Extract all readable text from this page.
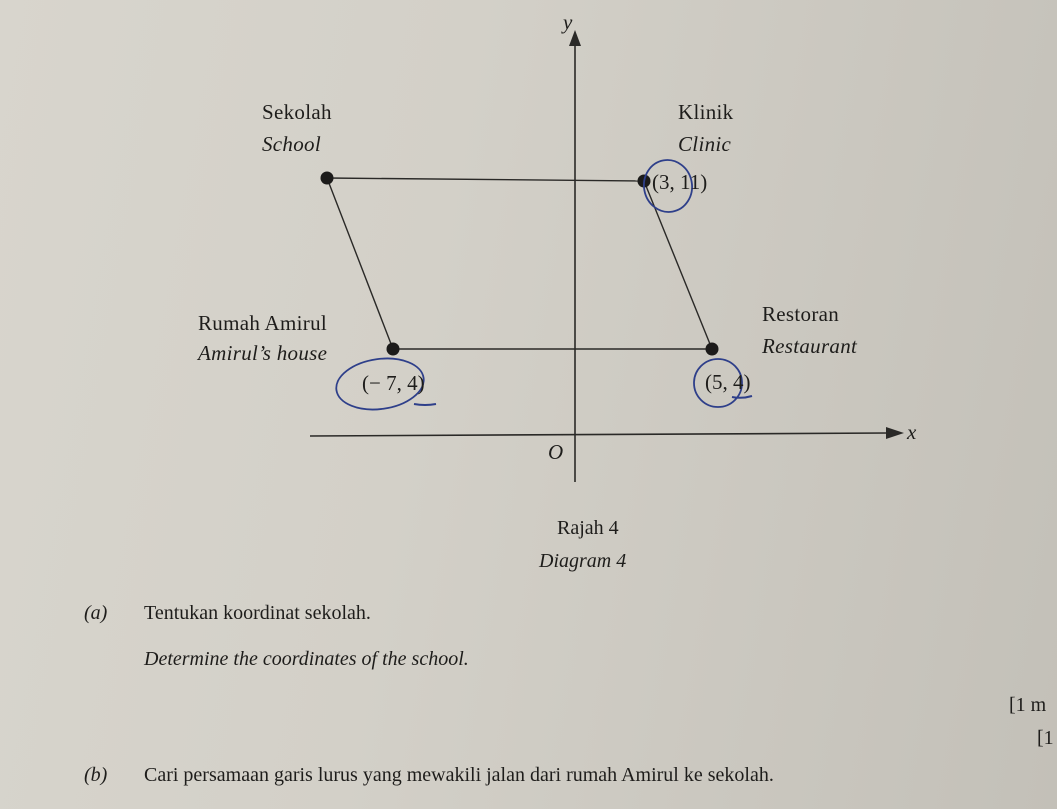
y
x
O
Sekolah
School
Klinik
Clinic
(3, 11)
Rumah Amirul
Amirul’s house
(− 7, 4)
Restoran
Restaurant
(5, 4)
Rajah 4
Diagram 4
(a) Tentukan koordinat sekolah.
Determine the coordinates of the school.
[1 m
[1
(b) Cari persamaan garis lurus yang mewakili jalan dari rumah Amirul ke sekolah.
